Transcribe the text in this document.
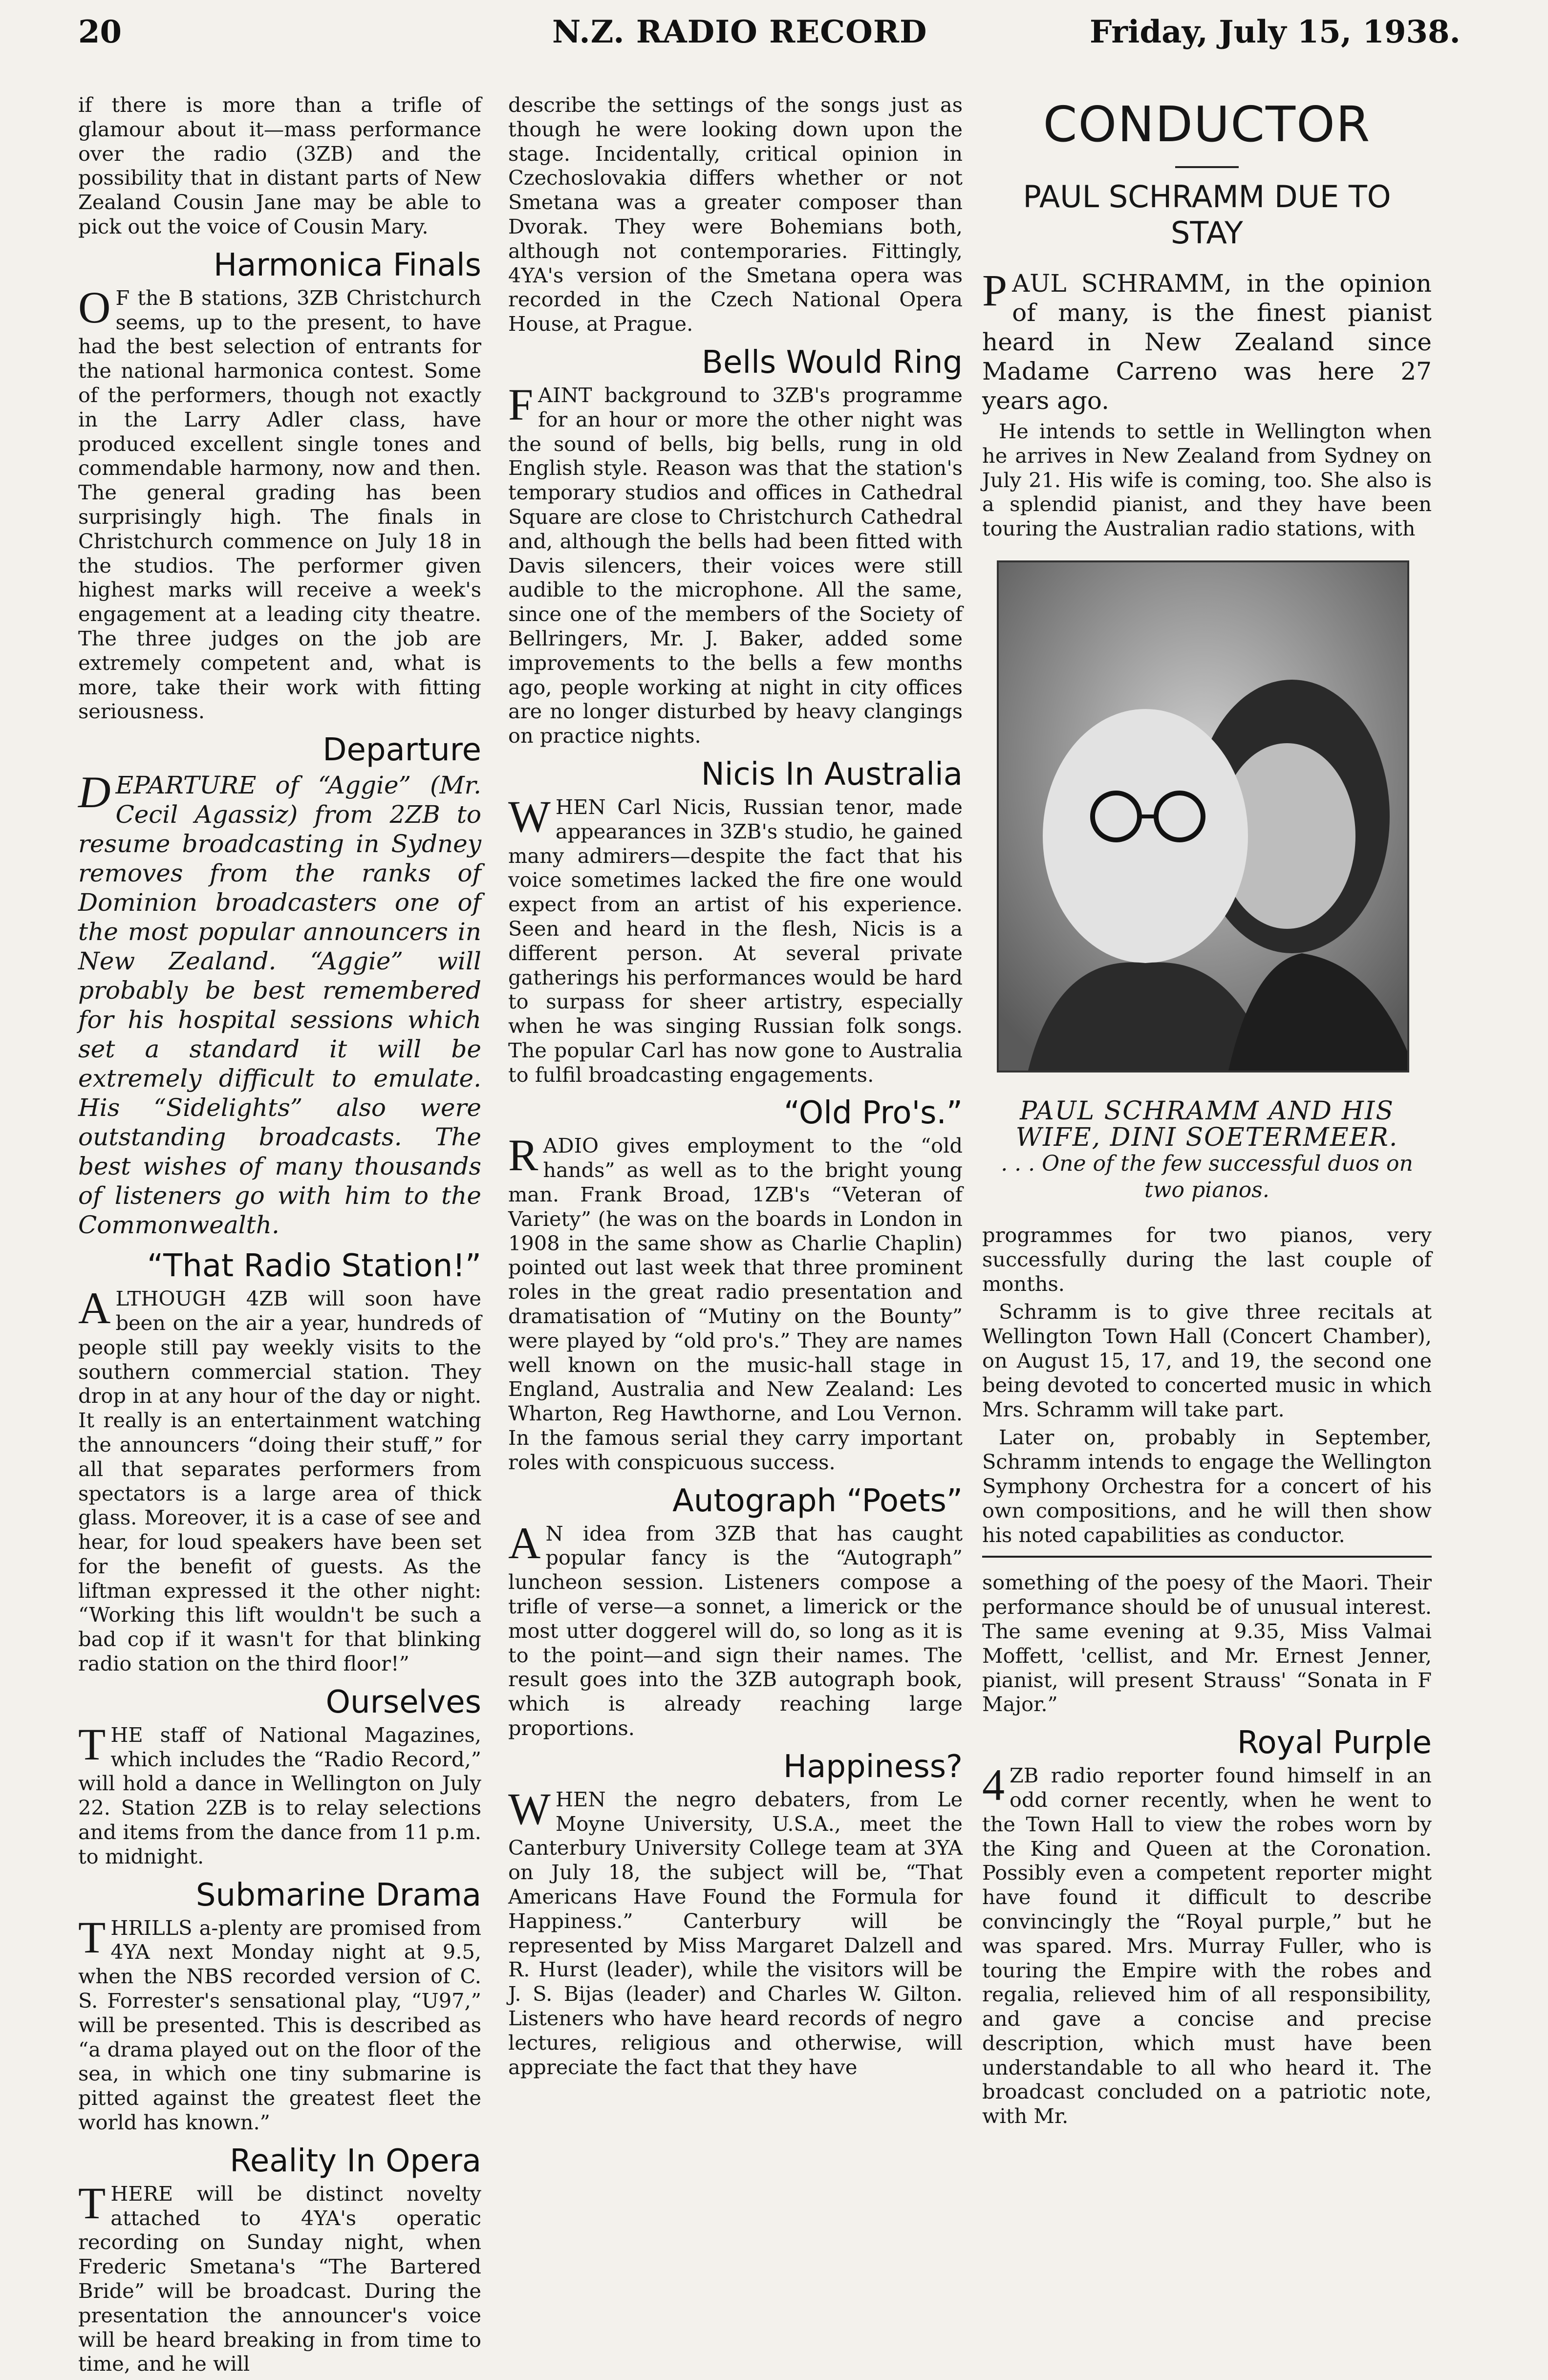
20	N.Z. RADIO RECORD	Friday, July 15, 1938.

if there is more than a trifle of glamour about it—mass performance over the radio (3ZB) and the possibility that in distant parts of New Zealand Cousin Jane may be able to pick out the voice of Cousin Mary.

Harmonica Finals

O F the B stations, 3ZB Christchurch seems, up to the present, to have had the best selection of entrants for the national harmonica contest. Some of the performers, though not exactly in the Larry Adler class, have produced excellent single tones and commendable harmony, now and then. The general grading has been surprisingly high. The finals in Christchurch commence on July 18 in the studios. The performer given highest marks will receive a week's engagement at a leading city theatre. The three judges on the job are extremely competent and, what is more, take their work with fitting seriousness.

Departure

DEPARTURE of “Aggie” (Mr. Cecil Agassiz) from 2ZB to resume broadcasting in Sydney removes from the ranks of Dominion broadcasters one of the most popular announcers in New Zealand. “Aggie” will probably be best remembered for his hospital sessions which set a standard it will be extremely difficult to emulate. His “Sidelights” also were outstanding broadcasts. The best wishes of many thousands of listeners go with him to the Commonwealth.

“That Radio Station!”

ALTHOUGH 4ZB will soon have been on the air a year, hundreds of people still pay weekly visits to the southern commercial station. They drop in at any hour of the day or night. It really is an entertainment watching the announcers “doing their stuff,” for all that separates performers from spectators is a large area of thick glass. Moreover, it is a case of see and hear, for loud speakers have been set for the benefit of guests. As the liftman expressed it the other night: “Working this lift wouldn't be such a bad cop if it wasn't for that blinking radio station on the third floor!”

Ourselves

THE staff of National Magazines, which includes the “Radio Record,” will hold a dance in Wellington on July 22. Station 2ZB is to relay selections and items from the dance from 11 p.m. to midnight.

Submarine Drama

THRILLS a-plenty are promised from 4YA next Monday night at 9.5, when the NBS recorded version of C. S. Forrester's sensational play, “U97,” will be presented. This is described as “a drama played out on the floor of the sea, in which one tiny submarine is pitted against the greatest fleet the world has known.”

Reality In Opera

THERE will be distinct novelty attached to 4YA's operatic recording on Sunday night, when Frederic Smetana's “The Bartered Bride” will be broadcast. During the presentation the announcer's voice will be heard breaking in from time to time, and he will

describe the settings of the songs just as though he were looking down upon the stage. Incidentally, critical opinion in Czechoslovakia differs whether or not Smetana was a greater composer than Dvorak. They were Bohemians both, although not contemporaries. Fittingly, 4YA's version of the Smetana opera was recorded in the Czech National Opera House, at Prague.

Bells Would Ring

FAINT background to 3ZB's programme for an hour or more the other night was the sound of bells, big bells, rung in old English style. Reason was that the station's temporary studios and offices in Cathedral Square are close to Christchurch Cathedral and, although the bells had been fitted with Davis silencers, their voices were still audible to the microphone. All the same, since one of the members of the Society of Bellringers, Mr. J. Baker, added some improvements to the bells a few months ago, people working at night in city offices are no longer disturbed by heavy clangings on practice nights.

Nicis In Australia

WHEN Carl Nicis, Russian tenor, made appearances in 3ZB's studio, he gained many admirers—despite the fact that his voice sometimes lacked the fire one would expect from an artist of his experience. Seen and heard in the flesh, Nicis is a different person. At several private gatherings his performances would be hard to surpass for sheer artistry, especially when he was singing Russian folk songs. The popular Carl has now gone to Australia to fulfil broadcasting engagements.

“Old Pro's.”

RADIO gives employment to the “old hands” as well as to the bright young man. Frank Broad, 1ZB's “Veteran of Variety” (he was on the boards in London in 1908 in the same show as Charlie Chaplin) pointed out last week that three prominent roles in the great radio presentation and dramatisation of “Mutiny on the Bounty” were played by “old pro's.” They are names well known on the music-hall stage in England, Australia and New Zealand: Les Wharton, Reg Hawthorne, and Lou Vernon. In the famous serial they carry important roles with conspicuous success.

Autograph “Poets”

A N idea from 3ZB that has caught popular fancy is the “Autograph” luncheon session. Listeners compose a trifle of verse—a sonnet, a limerick or the most utter doggerel will do, so long as it is to the point—and sign their names. The result goes into the 3ZB autograph book, which is already reaching large proportions.

Happiness?

WHEN the negro debaters, from Le Moyne University, U.S.A., meet the Canterbury University College team at 3YA on July 18, the subject will be, “That Americans Have Found the Formula for Happiness.” Canterbury will be represented by Miss Margaret Dalzell and R. Hurst (leader), while the visitors will be J. S. Bijas (leader) and Charles W. Gilton. Listeners who have heard records of negro lectures, religious and otherwise, will appreciate the fact that they have

CONDUCTOR
PAUL SCHRAMM DUE TO STAY

PAUL SCHRAMM, in the opinion of many, is the finest pianist heard in New Zealand since Madame Carreno was here 27 years ago.

He intends to settle in Wellington when he arrives in New Zealand from Sydney on July 21. His wife is coming, too. She also is a splendid pianist, and they have been touring the Australian radio stations, with

PAUL SCHRAMM AND HIS WIFE, DINI SOETERMEER.
. . . One of the few successful duos on two pianos.

programmes for two pianos, very successfully during the last couple of months.

Schramm is to give three recitals at Wellington Town Hall (Concert Chamber), on August 15, 17, and 19, the second one being devoted to concerted music in which Mrs. Schramm will take part.

Later on, probably in September, Schramm intends to engage the Wellington Symphony Orchestra for a concert of his own compositions, and he will then show his noted capabilities as conductor.

something of the poesy of the Maori. Their performance should be of unusual interest. The same evening at 9.35, Miss Valmai Moffett, 'cellist, and Mr. Ernest Jenner, pianist, will present Strauss' “Sonata in F Major.”

Royal Purple

4 ZB radio reporter found himself in an odd corner recently, when he went to the Town Hall to view the robes worn by the King and Queen at the Coronation. Possibly even a competent reporter might have found it difficult to describe convincingly the “Royal purple,” but he was spared. Mrs. Murray Fuller, who is touring the Empire with the robes and regalia, relieved him of all responsibility, and gave a concise and precise description, which must have been understandable to all who heard it. The broadcast concluded on a patriotic note, with Mr.
